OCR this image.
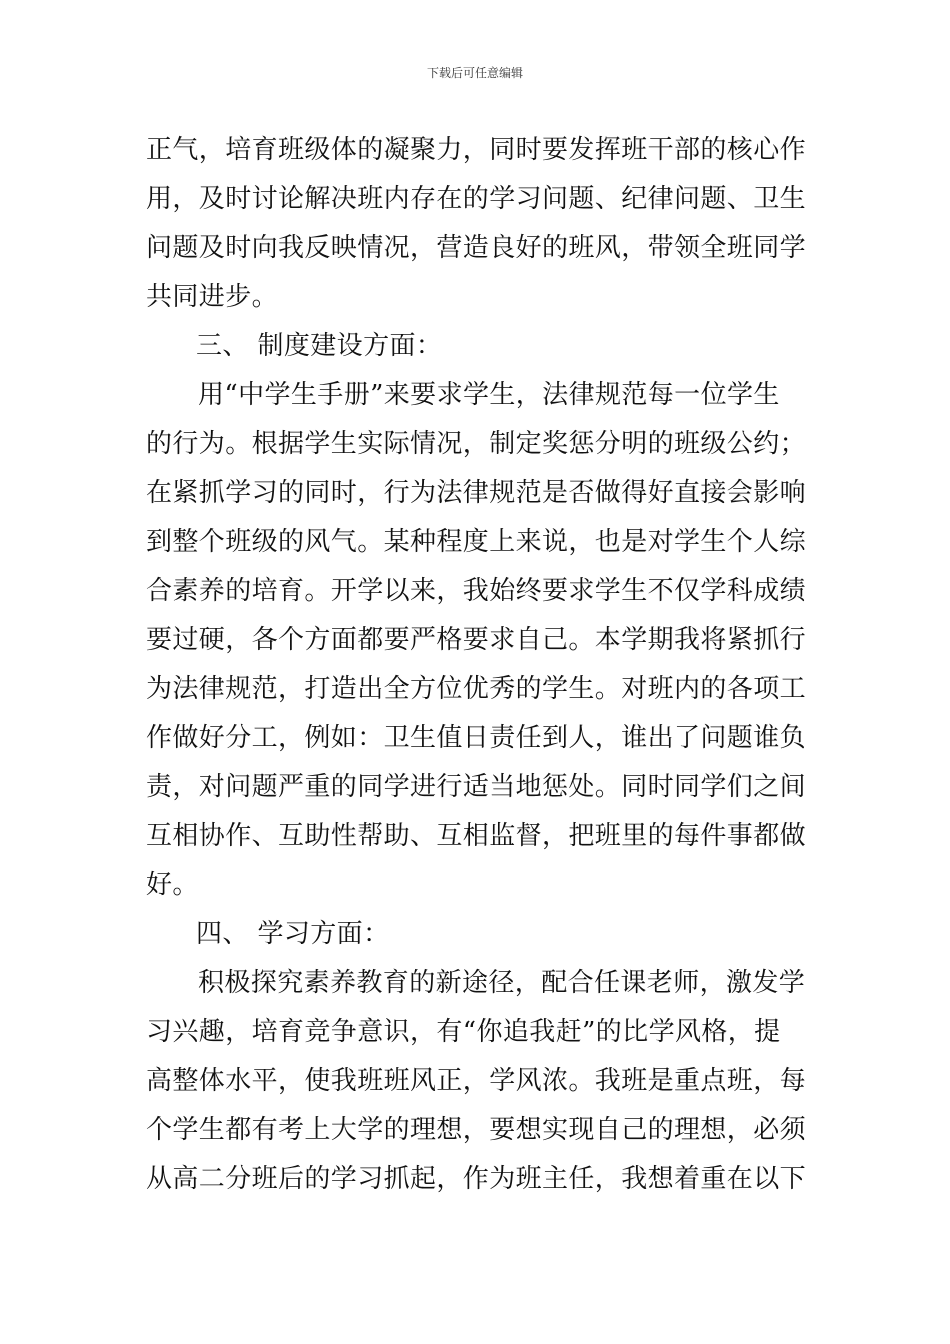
下载后可任意编辑
正气，培育班级体的凝聚力，同时要发挥班干部的核心作
用，及时讨论解决班内存在的学习问题、纪律问题、卫生
问题及时向我反映情况，营造良好的班风，带领全班同学
共同进步。
三、 制度建设方面：
用“中学生手册”来要求学生，法律规范每一位学生
的行为。根据学生实际情况，制定奖惩分明的班级公约；
在紧抓学习的同时，行为法律规范是否做得好直接会影响
到整个班级的风气。某种程度上来说，也是对学生个人综
合素养的培育。开学以来，我始终要求学生不仅学科成绩
要过硬，各个方面都要严格要求自己。本学期我将紧抓行
为法律规范，打造出全方位优秀的学生。对班内的各项工
作做好分工，例如：卫生值日责任到人，谁出了问题谁负
责，对问题严重的同学进行适当地惩处。同时同学们之间
互相协作、互助性帮助、互相监督，把班里的每件事都做
好。
四、 学习方面：
积极探究素养教育的新途径，配合任课老师，激发学
习兴趣，培育竞争意识，有“你追我赶”的比学风格，提
高整体水平，使我班班风正，学风浓。我班是重点班，每
个学生都有考上大学的理想，要想实现自己的理想，必须
从高二分班后的学习抓起，作为班主任，我想着重在以下
